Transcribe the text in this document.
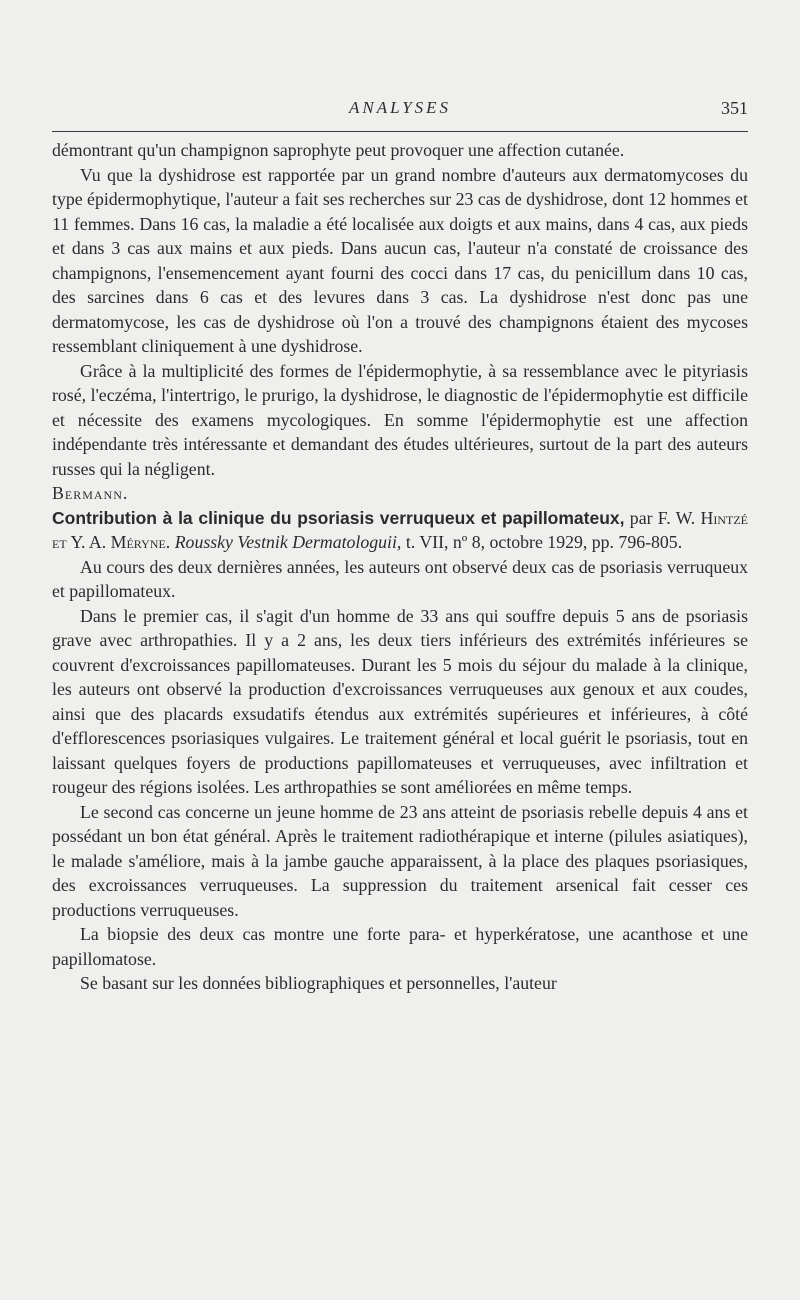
ANALYSES	351

démontrant qu'un champignon saprophyte peut provoquer une affection cutanée.

Vu que la dyshidrose est rapportée par un grand nombre d'auteurs aux dermatomycoses du type épidermophytique, l'auteur a fait ses recherches sur 23 cas de dyshidrose, dont 12 hommes et 11 femmes. Dans 16 cas, la maladie a été localisée aux doigts et aux mains, dans 4 cas, aux pieds et dans 3 cas aux mains et aux pieds. Dans aucun cas, l'auteur n'a constaté de croissance des champignons, l'ensemencement ayant fourni des cocci dans 17 cas, du penicillum dans 10 cas, des sarcines dans 6 cas et des levures dans 3 cas. La dyshidrose n'est donc pas une dermatomycose, les cas de dyshidrose où l'on a trouvé des champignons étaient des mycoses ressemblant cliniquement à une dyshidrose.

Grâce à la multiplicité des formes de l'épidermophytie, à sa ressemblance avec le pityriasis rosé, l'eczéma, l'intertrigo, le prurigo, la dyshidrose, le diagnostic de l'épidermophytie est difficile et nécessite des examens mycologiques. En somme l'épidermophytie est une affection indépendante très intéressante et demandant des études ultérieures, surtout de la part des auteurs russes qui la négligent.

Bermann.

Contribution à la clinique du psoriasis verruqueux et papillomateux, par F. W. Hintzé et Y. A. Méryne. Roussky Vestnik Dermatologuii, t. VII, nº 8, octobre 1929, pp. 796-805.

Au cours des deux dernières années, les auteurs ont observé deux cas de psoriasis verruqueux et papillomateux.

Dans le premier cas, il s'agit d'un homme de 33 ans qui souffre depuis 5 ans de psoriasis grave avec arthropathies. Il y a 2 ans, les deux tiers inférieurs des extrémités inférieures se couvrent d'excroissances papillomateuses. Durant les 5 mois du séjour du malade à la clinique, les auteurs ont observé la production d'excroissances verruqueuses aux genoux et aux coudes, ainsi que des placards exsudatifs étendus aux extrémités supérieures et inférieures, à côté d'efflorescences psoriasiques vulgaires. Le traitement général et local guérit le psoriasis, tout en laissant quelques foyers de productions papillomateuses et verruqueuses, avec infiltration et rougeur des régions isolées. Les arthropathies se sont améliorées en même temps.

Le second cas concerne un jeune homme de 23 ans atteint de psoriasis rebelle depuis 4 ans et possédant un bon état général. Après le traitement radiothérapique et interne (pilules asiatiques), le malade s'améliore, mais à la jambe gauche apparaissent, à la place des plaques psoriasiques, des excroissances verruqueuses. La suppression du traitement arsenical fait cesser ces productions verruqueuses.

La biopsie des deux cas montre une forte para- et hyperkératose, une acanthose et une papillomatose.

Se basant sur les données bibliographiques et personnelles, l'auteur
